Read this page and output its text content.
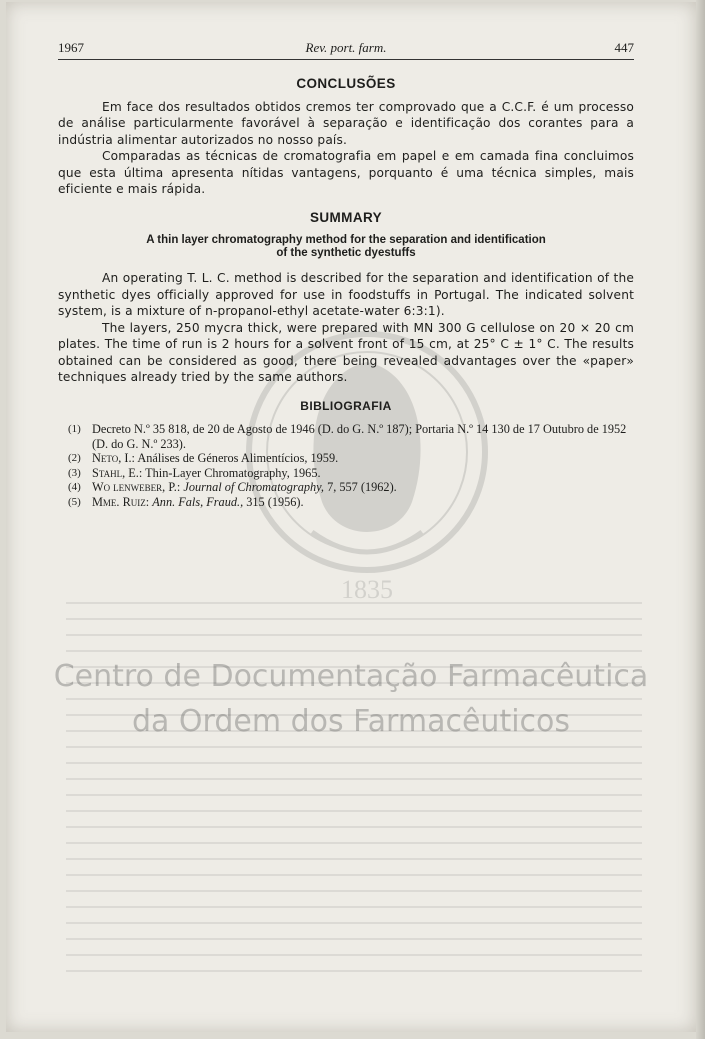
1835
Centro de Documentação Farmacêutica
da Ordem dos Farmacêuticos
1967	Rev. port. farm.	447
CONCLUSÕES

Em face dos resultados obtidos cremos ter comprovado que a C.C.F. é um processo de análise particularmente favorável à separação e identificação dos corantes para a indústria alimentar autorizados no nosso país.

Comparadas as técnicas de cromatografia em papel e em camada fina concluimos que esta última apresenta nítidas vantagens, porquanto é uma técnica simples, mais eficiente e mais rápida.

SUMMARY
A thin layer chromatography method for the separation and identification
of the synthetic dyestuffs

An operating T. L. C. method is described for the separation and identification of the synthetic dyes officially approved for use in foodstuffs in Portugal. The indicated solvent system, is a mixture of n-propanol-ethyl acetate-water 6:3:1).

The layers, 250 mycra thick, were prepared with MN 300 G cellulose on 20 × 20 cm plates. The time of run is 2 hours for a solvent front of 15 cm, at 25° C ± 1° C. The results obtained can be considered as good, there being revealed advantages over the «paper» techniques already tried by the same authors.

BIBLIOGRAFIA
(1) Decreto N.º 35 818, de 20 de Agosto de 1946 (D. do G. N.º 187); Portaria N.º 14 130 de 17 Outubro de 1952 (D. do G. N.º 233).
(2) Neto, I.: Análises de Géneros Alimentícios, 1959.
(3) Stahl, E.: Thin-Layer Chromatography, 1965.
(4) Wo lenweber, P.: Journal of Chromatography, 7, 557 (1962).
(5) Mme. Ruiz: Ann. Fals, Fraud., 315 (1956).
